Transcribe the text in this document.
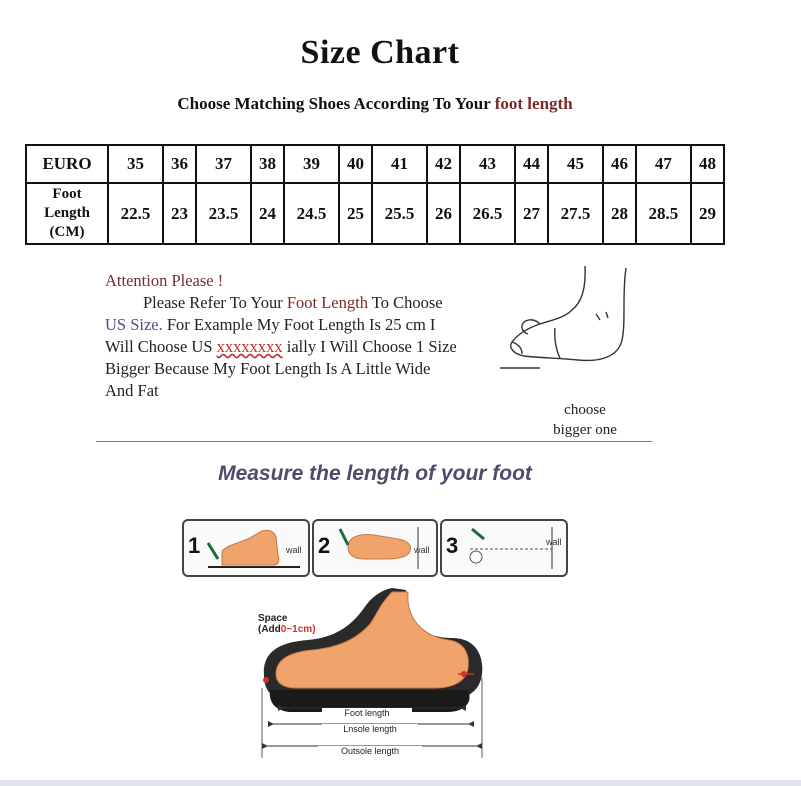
Size Chart
Choose Matching Shoes According To Your foot length
EURO	35	36	37	38	39	40	41	42	43	44	45	46	47	48

Foot
Length
(CM)	22.5	23	23.5	24	24.5	25	25.5	26	26.5	27	27.5	28	28.5	29

Attention Please !

Please Refer To Your Foot Length To Choose

US Size. For Example My Foot Length Is 25 cm I

Will Choose US xxxxxxxx ially I Will Choose 1 Size

Bigger Because My Foot Length Is A Little Wide

And Fat

choose
bigger one
Measure the length of your foot
1	wall 2	wall 3	wall
Space
(Add0~1cm)
Foot length
Lnsole length
Outsole length
